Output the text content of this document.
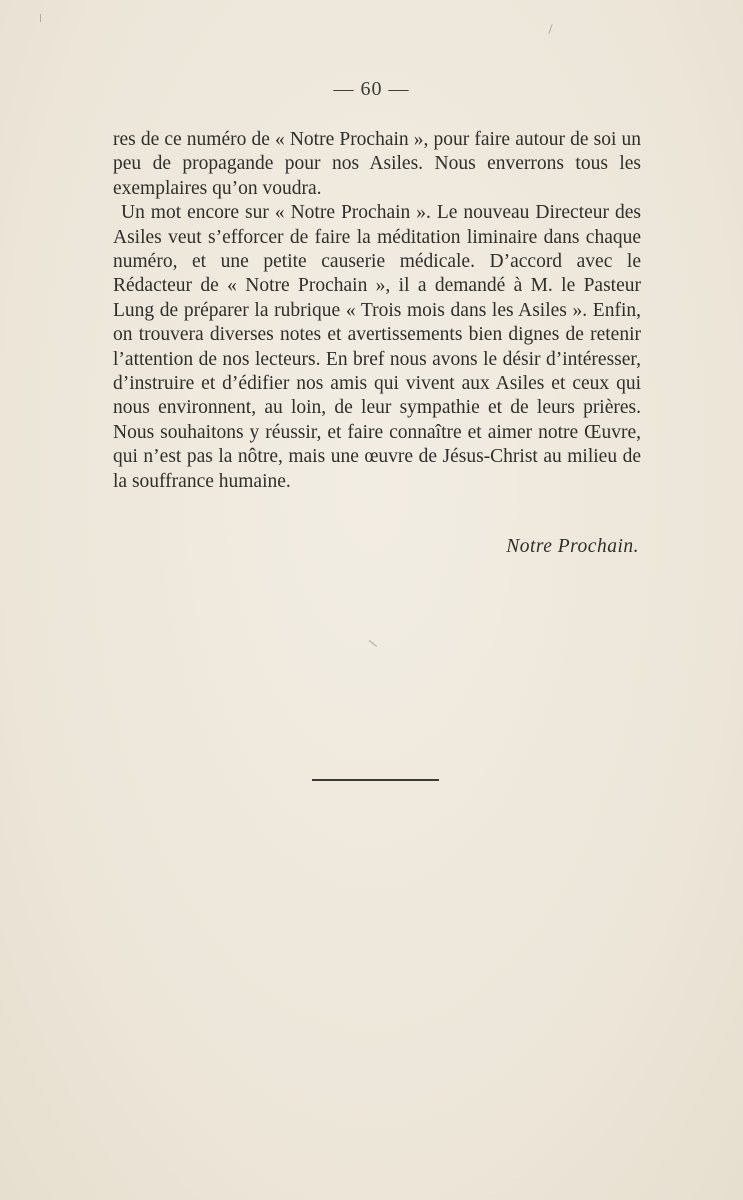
— 60 —

res de ce numéro de « Notre Prochain », pour faire autour de soi un peu de propagande pour nos Asiles. Nous enverrons tous les exemplaires qu’on voudra.

Un mot encore sur « Notre Prochain ». Le nouveau Directeur des Asiles veut s’efforcer de faire la méditation liminaire dans chaque numéro, et une petite causerie médicale. D’accord avec le Rédacteur de « Notre Prochain », il a demandé à M. le Pasteur Lung de préparer la rubrique « Trois mois dans les Asiles ». Enfin, on trouvera diverses notes et avertissements bien dignes de retenir l’attention de nos lecteurs. En bref nous avons le désir d’intéresser, d’instruire et d’édifier nos amis qui vivent aux Asiles et ceux qui nous environnent, au loin, de leur sympathie et de leurs prières. Nous souhaitons y réussir, et faire connaître et aimer notre Œuvre, qui n’est pas la nôtre, mais une œuvre de Jésus-Christ au milieu de la souffrance humaine.

Notre Prochain.
